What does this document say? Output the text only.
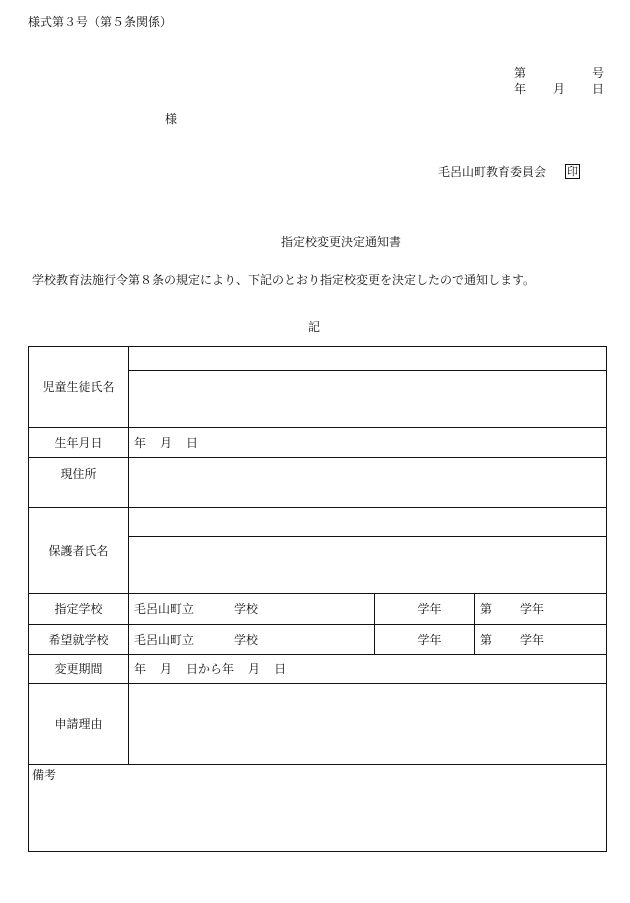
様式第３号（第５条関係）
第	号
年 月 日
様
毛呂山町教育委員会 印
指定校変更決定通知書
学校教育法施行令第８条の規定により、下記のとおり指定校変更を決定したので通知します。
記
児童生徒氏名			

生年月日	年 月 日		
現住所			
保護者氏名			

指定学校	毛呂山町立 学校	学年	第 学年
希望就学校	毛呂山町立 学校	学年	第 学年
変更期間	年 月 日から年 月 日		
申請理由			
備考			
